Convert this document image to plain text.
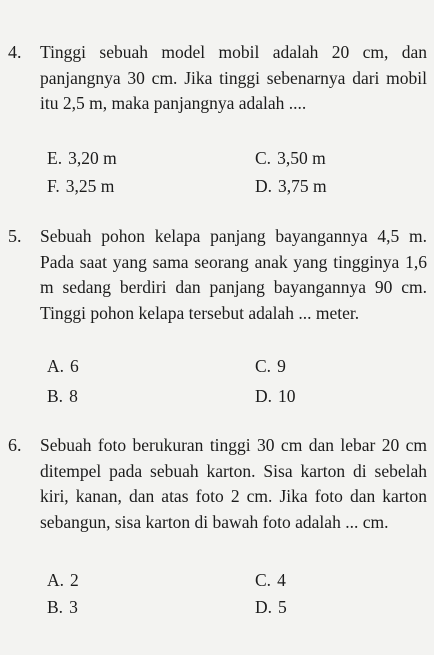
4. Tinggi sebuah model mobil adalah 20 cm, dan panjangnya 30 cm. Jika tinggi sebenarnya dari mobil itu 2,5 m, maka panjangnya adalah ....
E. 3,20 m	C. 3,50 m
F. 3,25 m	D. 3,75 m
5. Sebuah pohon kelapa panjang bayangannya 4,5 m. Pada saat yang sama seorang anak yang tingginya 1,6 m sedang berdiri dan panjang bayangannya 90 cm. Tinggi pohon kelapa tersebut adalah ... meter.
A. 6	C. 9
B. 8	D. 10
6. Sebuah foto berukuran tinggi 30 cm dan lebar 20 cm ditempel pada sebuah karton. Sisa karton di sebelah kiri, kanan, dan atas foto 2 cm. Jika foto dan karton sebangun, sisa karton di bawah foto adalah ... cm.
A. 2	C. 4
B. 3	D. 5
